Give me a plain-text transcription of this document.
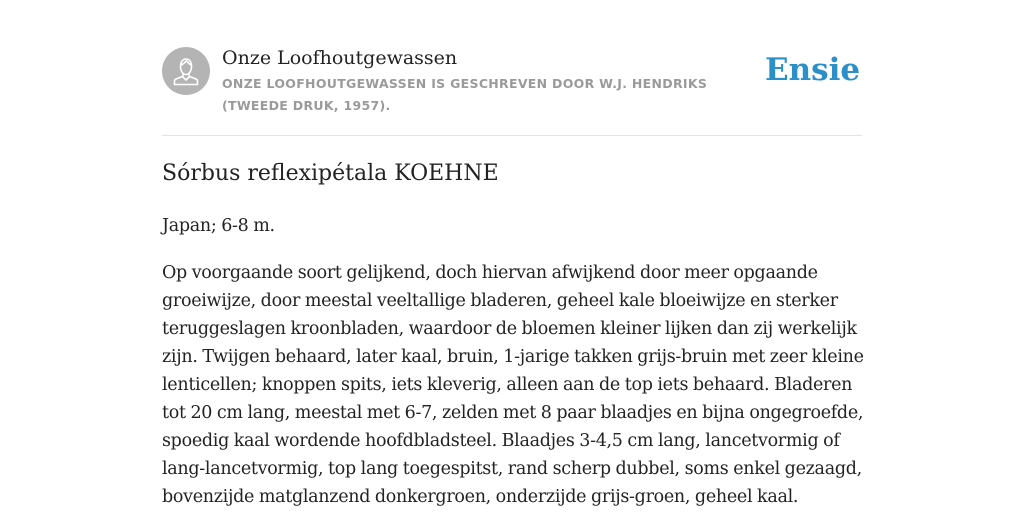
Onze Loofhoutgewassen
ONZE LOOFHOUTGEWASSEN IS GESCHREVEN DOOR W.J. HENDRIKS (TWEEDE DRUK, 1957).
Ensie
Sórbus reflexipétala KOEHNE

Japan; 6-8 m.

Op voorgaande soort gelijkend, doch hiervan afwijkend door meer opgaande groeiwijze, door meestal veeltallige bladeren, geheel kale bloeiwijze en sterker teruggeslagen kroonbladen, waardoor de bloemen kleiner lijken dan zij werkelijk zijn. Twijgen behaard, later kaal, bruin, 1-jarige takken grijs-bruin met zeer kleine lenticellen; knoppen spits, iets kleverig, alleen aan de top iets behaard. Bladeren tot 20 cm lang, meestal met 6-7, zelden met 8 paar blaadjes en bijna ongegroefde, spoedig kaal wordende hoofdbladsteel. Blaadjes 3-4,5 cm lang, lancetvormig of lang-lancetvormig, top lang toegespitst, rand scherp dubbel, soms enkel gezaagd, bovenzijde matglanzend donkergroen, onderzijde grijs-groen, geheel kaal.
